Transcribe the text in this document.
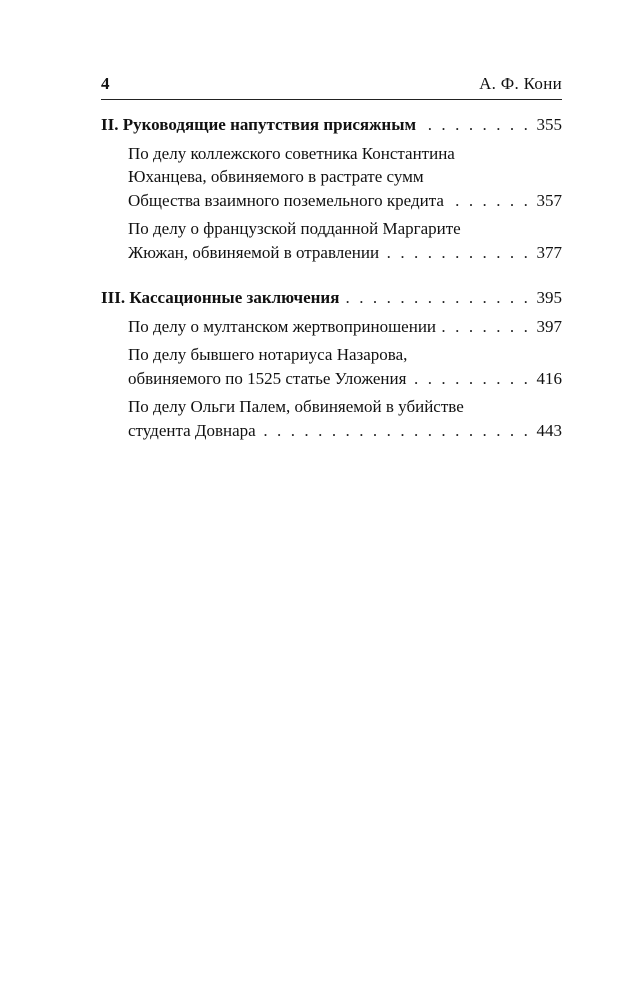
4	А. Ф. Кони
II. Руководящие напутствия присяжным . . .	355
По делу коллежского советника Константина
Юханцева, обвиняемого в растрате сумм
Общества взаимного поземельного кредита . . .	357
По делу о французской подданной Маргарите
Жюжан, обвиняемой в отравлении . . .	377
III. Кассационные заключения . . .	395
По делу о мултанском жертвоприношении . . .	397
По делу бывшего нотариуса Назарова,
обвиняемого по 1525 статье Уложения . . .	416
По делу Ольги Палем, обвиняемой в убийстве
студента Довнара . . .	443
